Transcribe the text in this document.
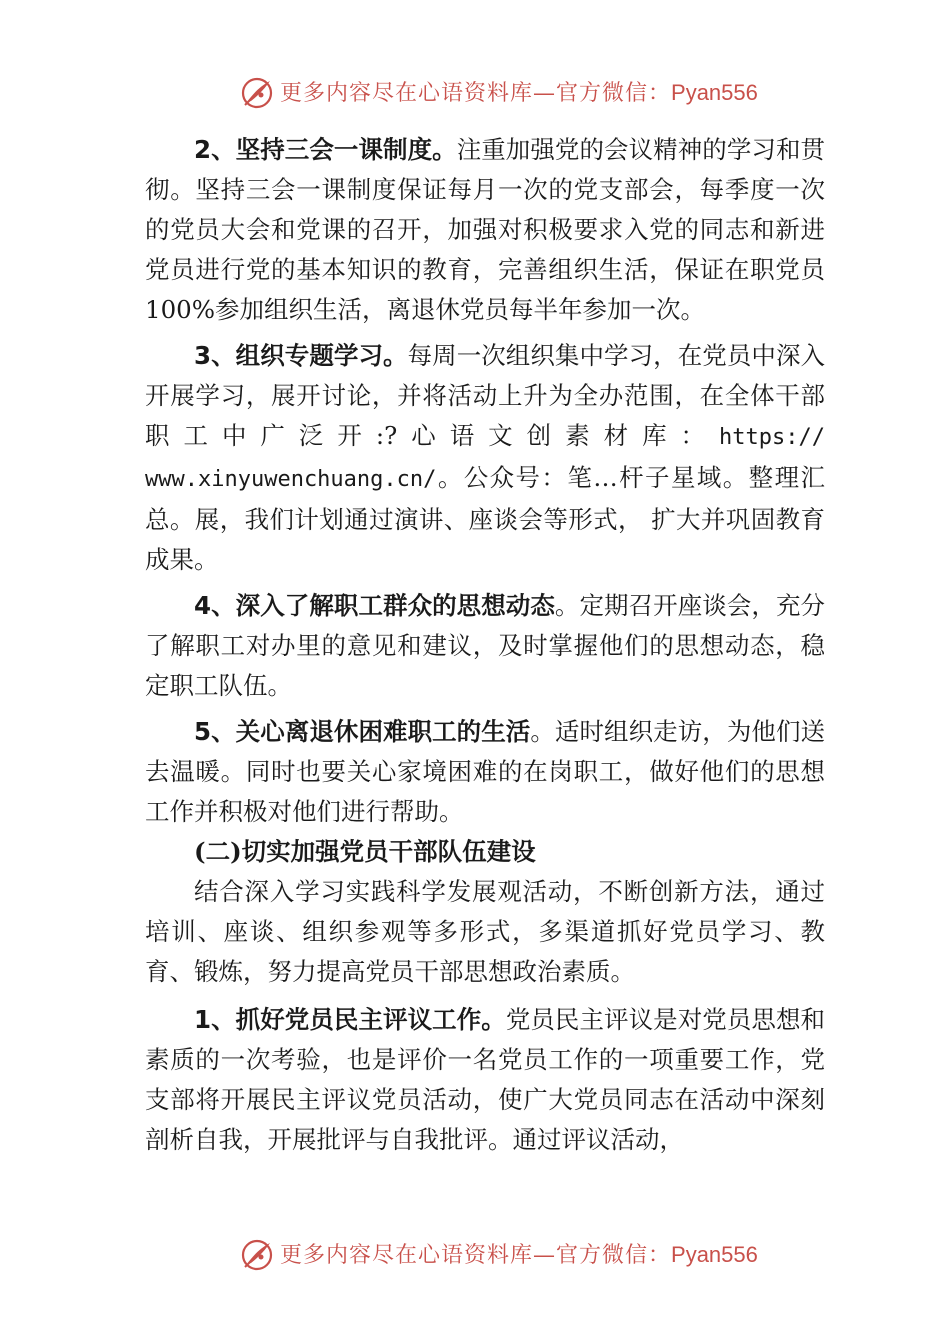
更多内容尽在心语资料库—官方微信：Pyan556

2、坚持三会一课制度。注重加强党的会议精神的学习和贯彻。坚持三会一课制度保证每月一次的党支部会，每季度一次的党员大会和党课的召开，加强对积极要求入党的同志和新进党员进行党的基本知识的教育，完善组织生活，保证在职党员 100%参加组织生活，离退休党员每半年参加一次。

3、组织专题学习。每周一次组织集中学习，在党员中深入开展学习，展开讨论，并将活动上升为全办范围，在全体干部职工中广泛开:?心语文创素材库：https:// www.xinyuwenchuang.cn/。公众号：笔…杆子星域。整理汇总。展，我们计划通过演讲、座谈会等形式， 扩大并巩固教育成果。

4、深入了解职工群众的思想动态。定期召开座谈会，充分了解职工对办里的意见和建议，及时掌握他们的思想动态，稳定职工队伍。

5、关心离退休困难职工的生活。适时组织走访，为他们送去温暖。同时也要关心家境困难的在岗职工，做好他们的思想工作并积极对他们进行帮助。

(二)切实加强党员干部队伍建设

结合深入学习实践科学发展观活动，不断创新方法，通过培训、座谈、组织参观等多形式，多渠道抓好党员学习、教育、锻炼，努力提高党员干部思想政治素质。

1、抓好党员民主评议工作。党员民主评议是对党员思想和素质的一次考验，也是评价一名党员工作的一项重要工作，党支部将开展民主评议党员活动，使广大党员同志在活动中深刻剖析自我，开展批评与自我批评。通过评议活动，

更多内容尽在心语资料库—官方微信：Pyan556
